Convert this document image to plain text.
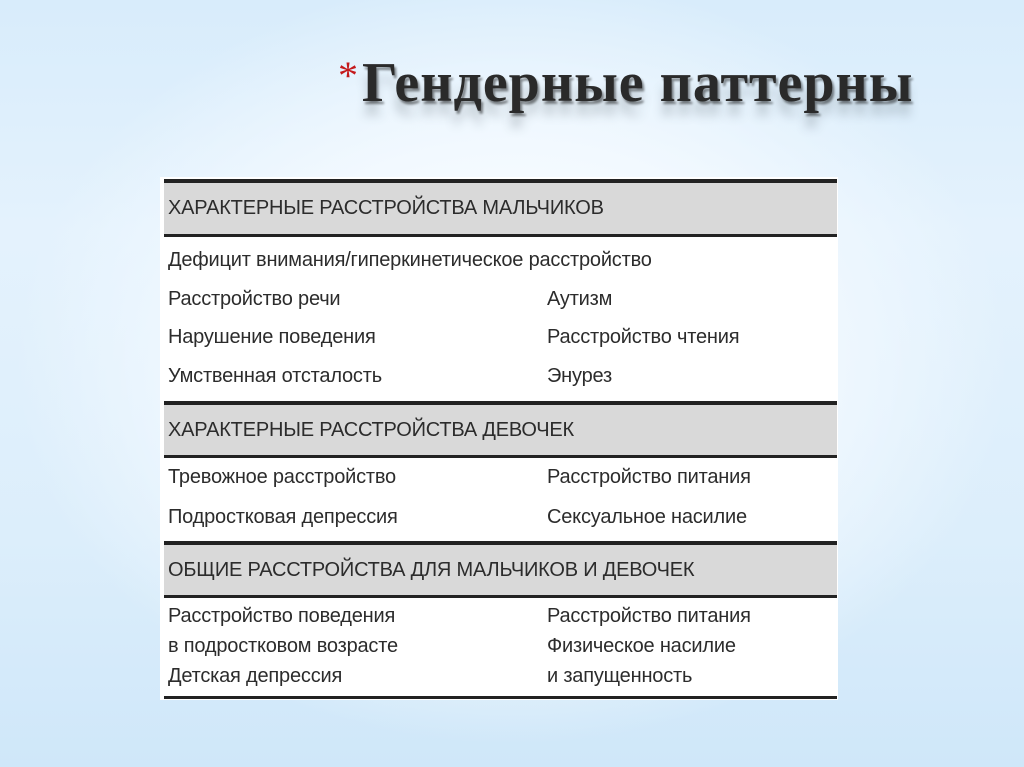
* Гендерные паттерны
ХАРАКТЕРНЫЕ РАССТРОЙСТВА МАЛЬЧИКОВ
Дефицит внимания/гиперкинетическое расстройство
Расстройство речи	Аутизм
Нарушение поведения	Расстройство чтения
Умственная отсталость	Энурез
ХАРАКТЕРНЫЕ РАССТРОЙСТВА ДЕВОЧЕК
Тревожное расстройство	Расстройство питания
Подростковая депрессия	Сексуальное насилие
ОБЩИЕ РАССТРОЙСТВА ДЛЯ МАЛЬЧИКОВ И ДЕВОЧЕК
Расстройство поведения	Расстройство питания
в подростковом возрасте	Физическое насилие
Детская депрессия	и запущенность
